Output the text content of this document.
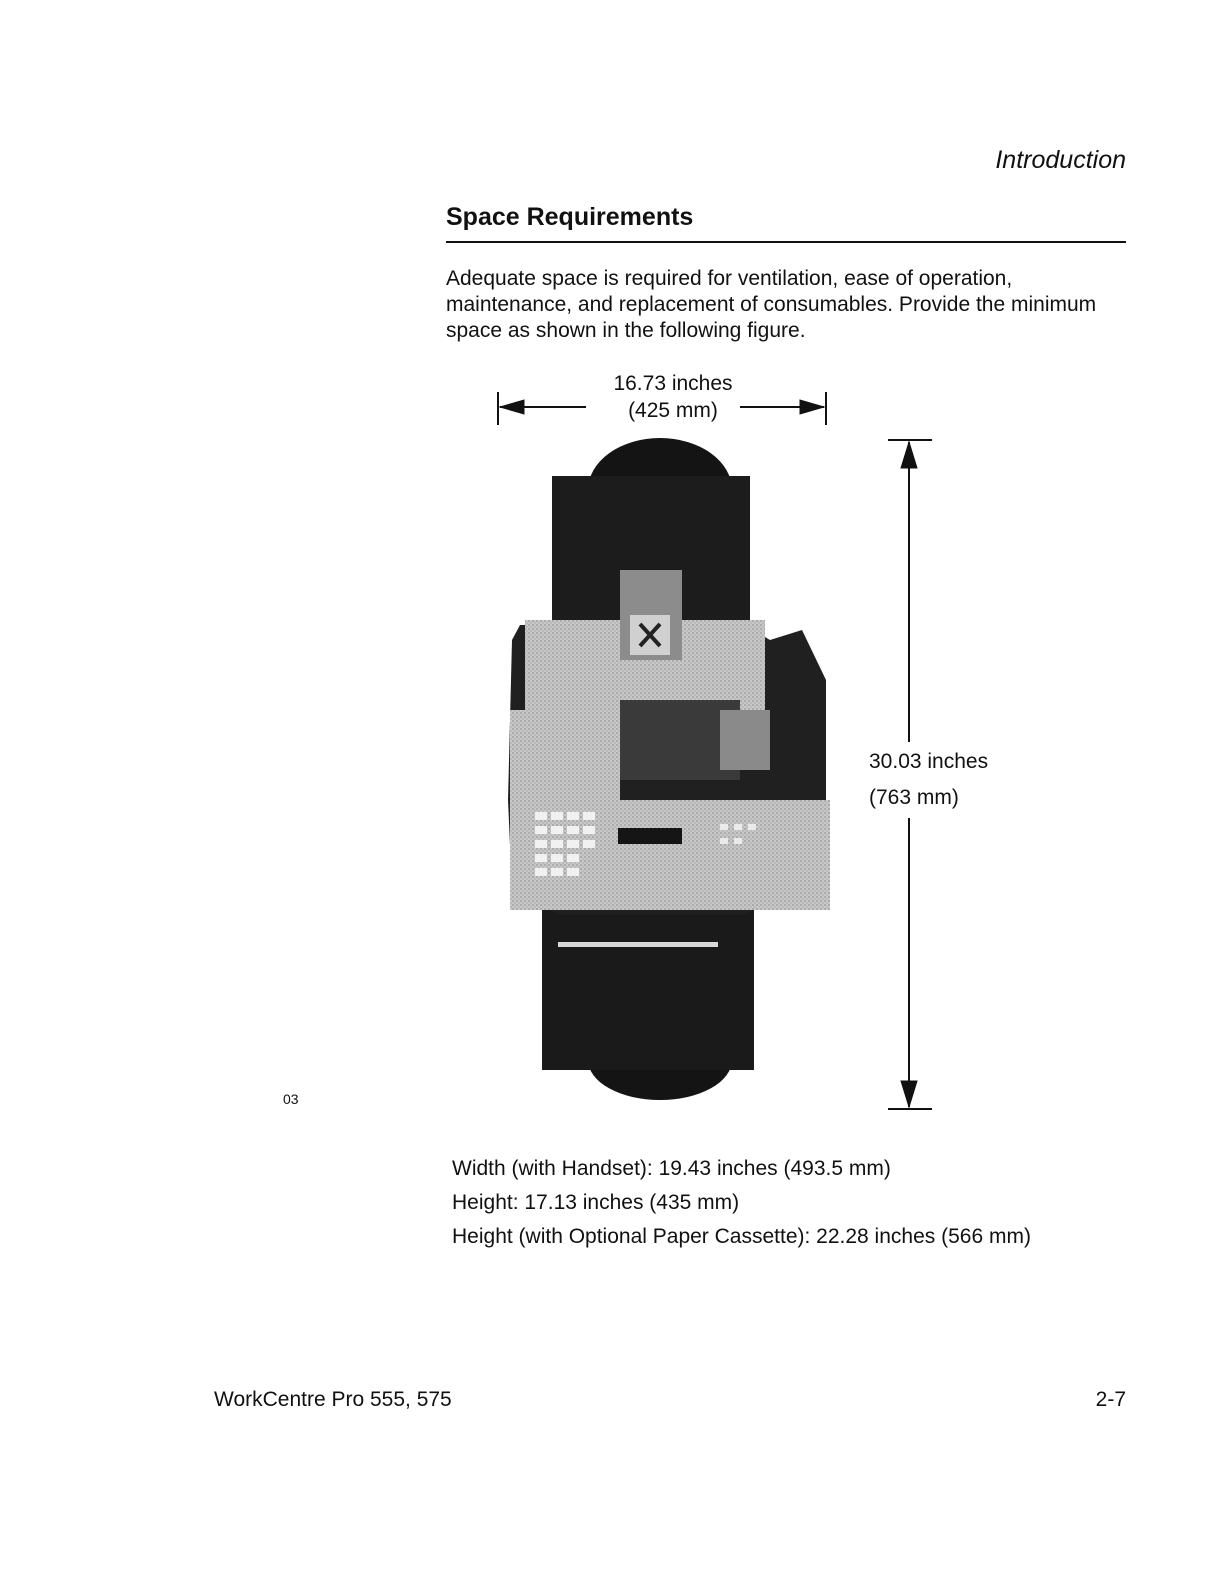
Introduction
Space Requirements
Adequate space is required for ventilation, ease of operation, maintenance, and replacement of consumables. Provide the minimum space as shown in the following figure.
16.73 inches
(425 mm)
30.03 inches
(763 mm)
03
Width (with Handset): 19.43 inches (493.5 mm)
Height: 17.13 inches (435 mm)
Height (with Optional Paper Cassette): 22.28 inches (566 mm)
WorkCentre Pro 555, 575	2-7
